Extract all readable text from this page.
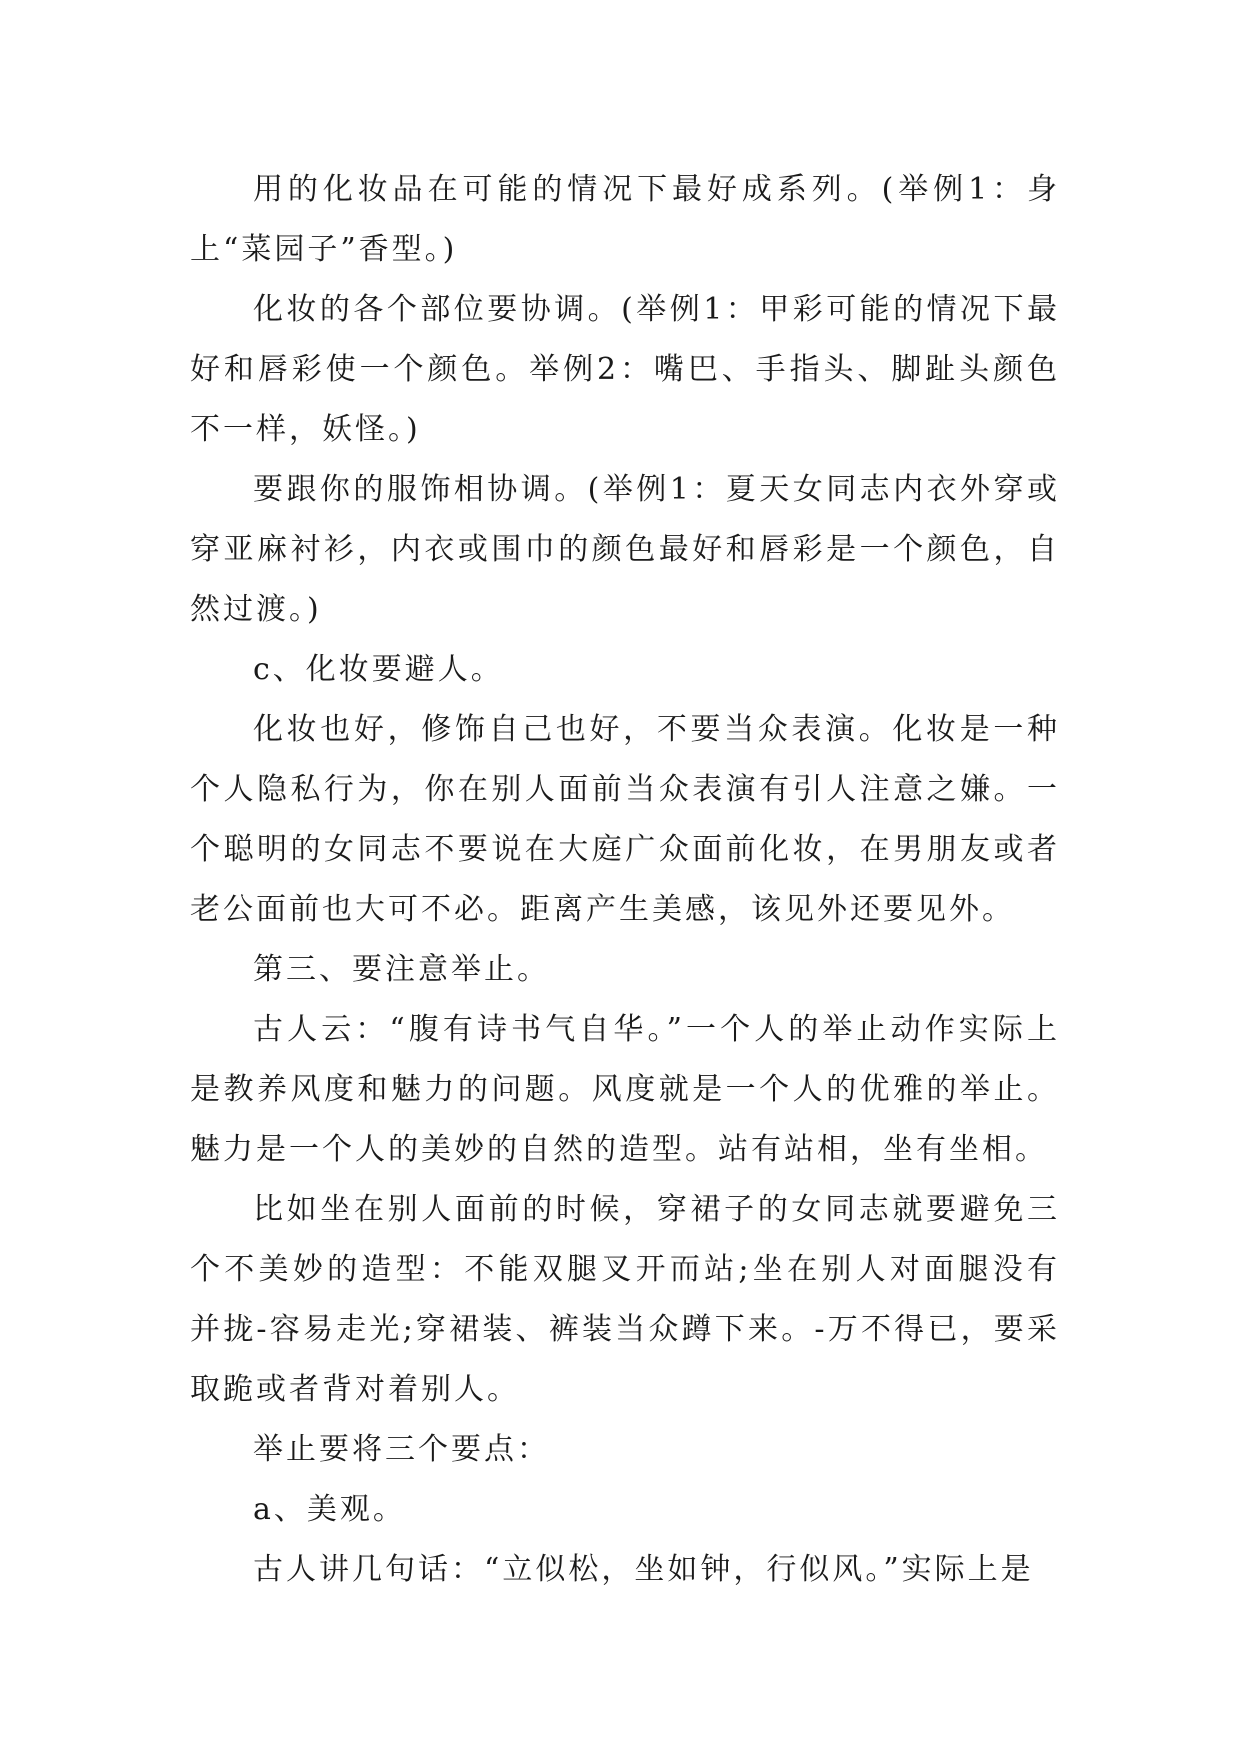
用的化妆品在可能的情况下最好成系列。(举例1：身上“菜园子”香型。)

化妆的各个部位要协调。(举例1：甲彩可能的情况下最好和唇彩使一个颜色。举例2：嘴巴、手指头、脚趾头颜色不一样，妖怪。)

要跟你的服饰相协调。(举例1：夏天女同志内衣外穿或穿亚麻衬衫，内衣或围巾的颜色最好和唇彩是一个颜色，自然过渡。)

c、化妆要避人。

化妆也好，修饰自己也好，不要当众表演。化妆是一种个人隐私行为，你在别人面前当众表演有引人注意之嫌。一个聪明的女同志不要说在大庭广众面前化妆，在男朋友或者老公面前也大可不必。距离产生美感，该见外还要见外。

第三、要注意举止。

古人云：“腹有诗书气自华。”一个人的举止动作实际上是教养风度和魅力的问题。风度就是一个人的优雅的举止。魅力是一个人的美妙的自然的造型。站有站相，坐有坐相。

比如坐在别人面前的时候，穿裙子的女同志就要避免三个不美妙的造型：不能双腿叉开而站;坐在别人对面腿没有并拢-容易走光;穿裙装、裤装当众蹲下来。-万不得已，要采取跪或者背对着别人。

举止要将三个要点：

a、美观。

古人讲几句话：“立似松，坐如钟，行似风。”实际上是
